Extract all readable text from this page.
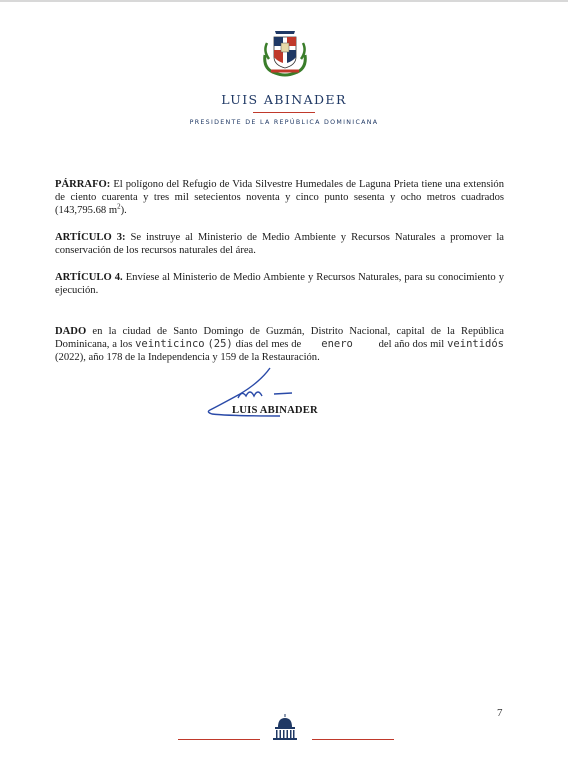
LUIS ABINADER
PRESIDENTE DE LA REPÚBLICA DOMINICANA
PÁRRAFO: El polígono del Refugio de Vida Silvestre Humedales de Laguna Prieta tiene una extensión de ciento cuarenta y tres mil setecientos noventa y cinco punto sesenta y ocho metros cuadrados (143,795.68 $m^2$).
ARTÍCULO 3: Se instruye al Ministerio de Medio Ambiente y Recursos Naturales a promover la conservación de los recursos naturales del área.
ARTÍCULO 4. Envíese al Ministerio de Medio Ambiente y Recursos Naturales, para su conocimiento y ejecución.
DADO en la ciudad de Santo Domingo de Guzmán, Distrito Nacional, capital de la República Dominicana, a los veinticinco (25) días del mes de       enero         del año dos mil veintidós (2022), año 178 de la Independencia y 159 de la Restauración.
LUIS ABINADER
7
